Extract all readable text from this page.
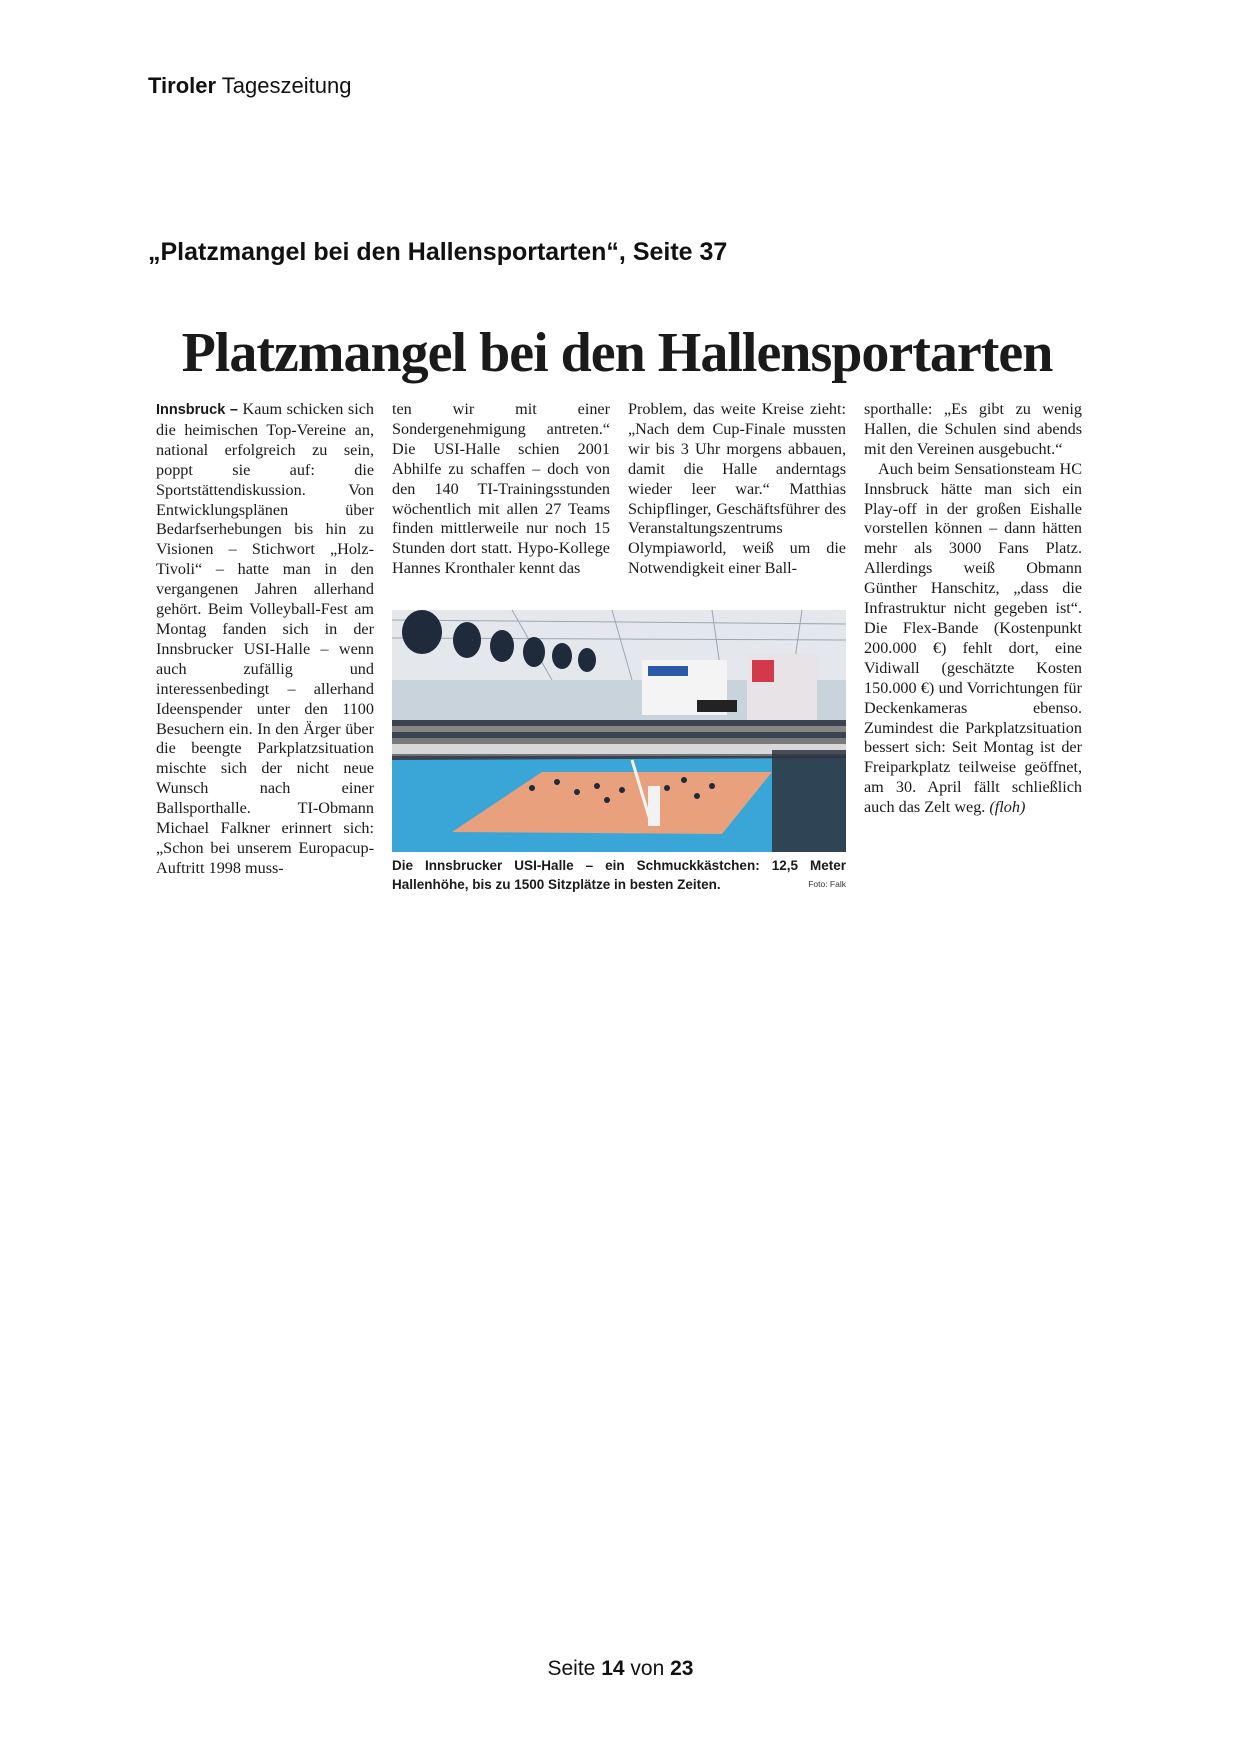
Tiroler Tageszeitung
„Platzmangel bei den Hallensportarten“, Seite 37
Platzmangel bei den Hallensportarten

Innsbruck – Kaum schicken sich die heimischen Top-Vereine an, national erfolgreich zu sein, poppt sie auf: die Sportstättendiskussion. Von Entwicklungsplänen über Bedarfserhebungen bis hin zu Visionen – Stichwort „Holz-Tivoli“ – hatte man in den vergangenen Jahren allerhand gehört. Beim Volleyball-Fest am Montag fanden sich in der Innsbrucker USI-Halle – wenn auch zufällig und interessenbedingt – allerhand Ideenspender unter den 1100 Besuchern ein. In den Ärger über die beengte Parkplatzsituation mischte sich der nicht neue Wunsch nach einer Ballsporthalle. TI-Obmann Michael Falkner erinnert sich: „Schon bei unserem Europacup-Auftritt 1998 muss-

ten wir mit einer Sondergenehmigung antreten.“ Die USI-Halle schien 2001 Abhilfe zu schaffen – doch von den 140 TI-Trainingsstunden wöchentlich mit allen 27 Teams finden mittlerweile nur noch 15 Stunden dort statt. Hypo-Kollege Hannes Kronthaler kennt das

Problem, das weite Kreise zieht: „Nach dem Cup-Finale mussten wir bis 3 Uhr morgens abbauen, damit die Halle anderntags wieder leer war.“ Matthias Schipflinger, Geschäftsführer des Veranstaltungszentrums Olympiaworld, weiß um die Notwendigkeit einer Ball-

sporthalle: „Es gibt zu wenig Hallen, die Schulen sind abends mit den Vereinen ausgebucht.“

Auch beim Sensationsteam HC Innsbruck hätte man sich ein Play-off in der großen Eishalle vorstellen können – dann hätten mehr als 3000 Fans Platz. Allerdings weiß Obmann Günther Hanschitz, „dass die Infrastruktur nicht gegeben ist“. Die Flex-Bande (Kostenpunkt 200.000 €) fehlt dort, eine Vidiwall (geschätzte Kosten 150.000 €) und Vorrichtungen für Deckenkameras ebenso. Zumindest die Parkplatzsituation bessert sich: Seit Montag ist der Freiparkplatz teilweise geöffnet, am 30. April fällt schließlich auch das Zelt weg. (floh)

Die Innsbrucker USI-Halle – ein Schmuckkästchen: 12,5 Meter Hallenhöhe, bis zu 1500 Sitzplätze in besten Zeiten.	Foto: Falk
Seite 14 von 23
